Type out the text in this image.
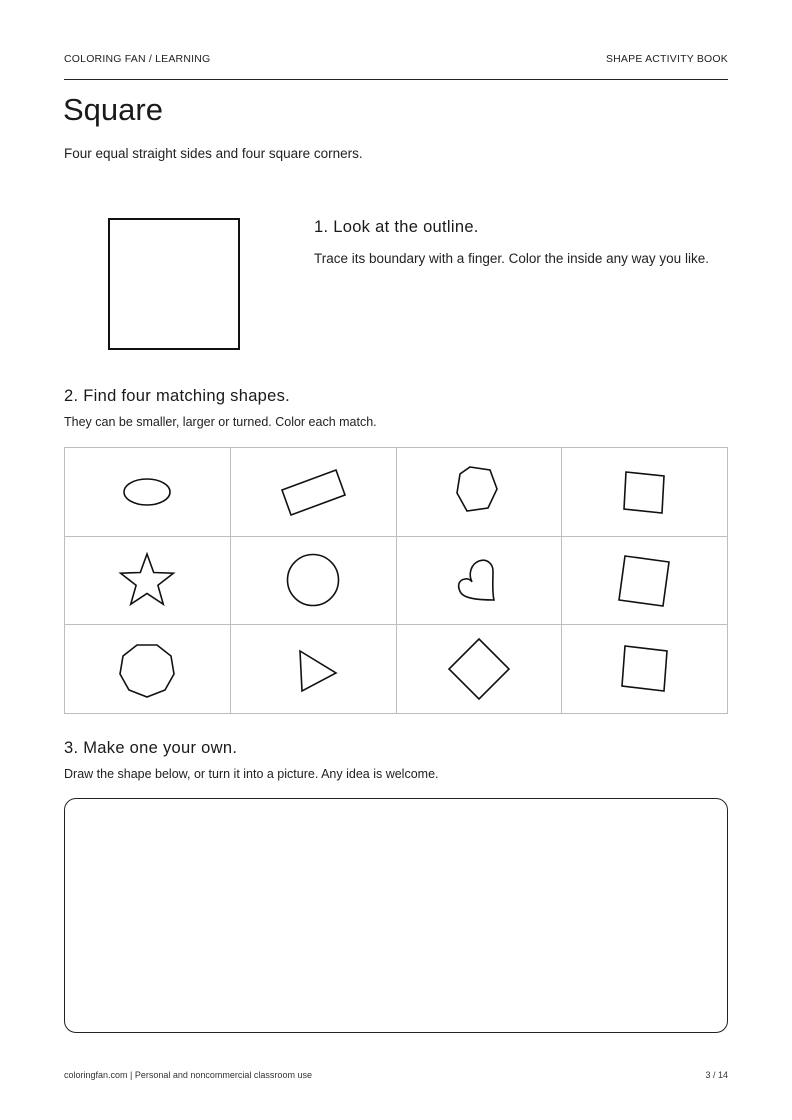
COLORING FAN / LEARNING	SHAPE ACTIVITY BOOK
Square

Four equal straight sides and four square corners.

1. Look at the outline.

Trace its boundary with a finger. Color the inside any way you like.

2. Find four matching shapes.

They can be smaller, larger or turned. Color each match.

3. Make one your own.

Draw the shape below, or turn it into a picture. Any idea is welcome.

coloringfan.com | Personal and noncommercial classroom use	3 / 14
